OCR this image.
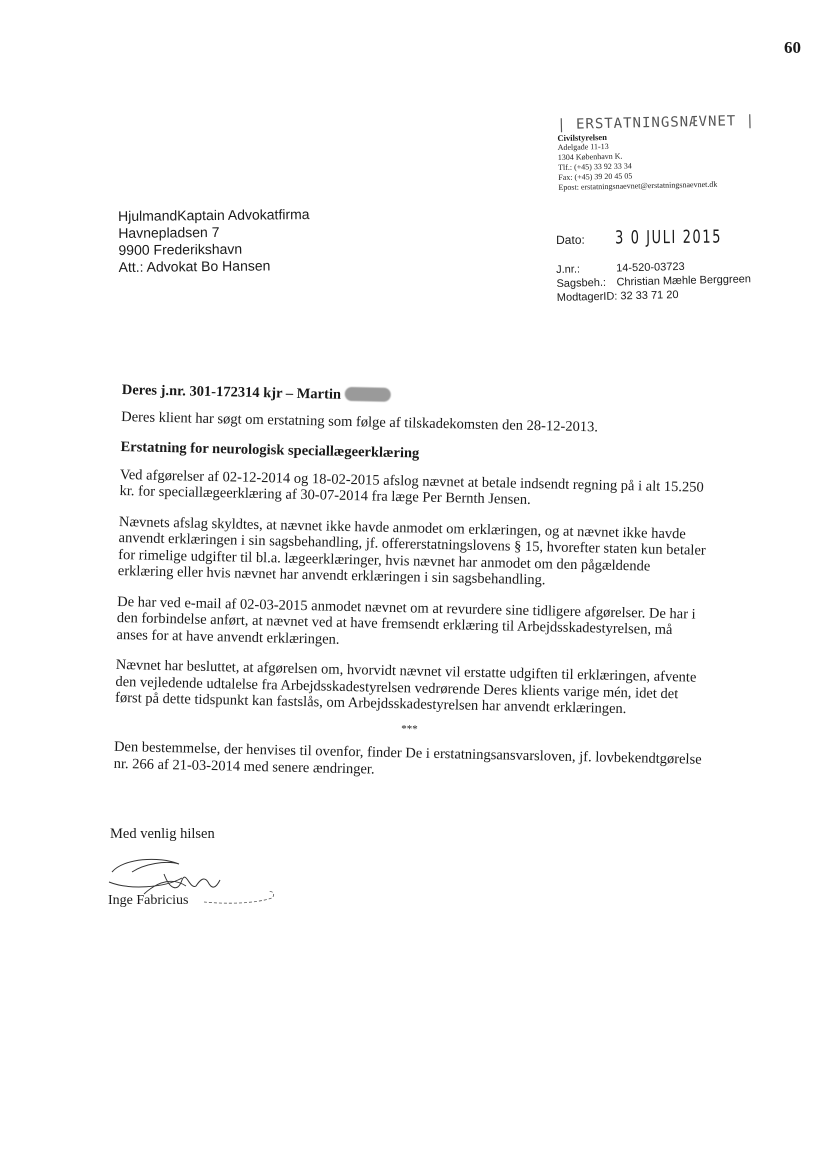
60
| ERSTATNINGSNÆVNET |
Civilstyrelsen
Adelgade 11-13
1304 København K.
Tlf.: (+45) 33 92 33 34
Fax: (+45) 39 20 45 05
Epost: erstatningsnaevnet@erstatningsnaevnet.dk
HjulmandKaptain Advokatfirma
Havnepladsen 7
9900 Frederikshavn
Att.: Advokat Bo Hansen
Dato: 3 0 JULI 2015
J.nr.:	14-520-03723
Sagsbeh.: Christian Mæhle Berggreen
ModtagerID: 32 33 71 20

Deres j.nr. 301-172314 kjr – Martin

Deres klient har søgt om erstatning som følge af tilskadekomsten den 28-12-2013.

Erstatning for neurologisk speciallægeerklæring

Ved afgørelser af 02-12-2014 og 18-02-2015 afslog nævnet at betale indsendt regning på i alt 15.250 kr. for speciallægeerklæring af 30-07-2014 fra læge Per Bernth Jensen.

Nævnets afslag skyldtes, at nævnet ikke havde anmodet om erklæringen, og at nævnet ikke havde anvendt erklæringen i sin sagsbehandling, jf. offererstatningslovens § 15, hvorefter staten kun betaler for rimelige udgifter til bl.a. lægeerklæringer, hvis nævnet har anmodet om den pågældende erklæring eller hvis nævnet har anvendt erklæringen i sin sagsbehandling.

De har ved e-mail af 02-03-2015 anmodet nævnet om at revurdere sine tidligere afgørelser. De har i den forbindelse anført, at nævnet ved at have fremsendt erklæring til Arbejdsskadestyrelsen, må anses for at have anvendt erklæringen.

Nævnet har besluttet, at afgørelsen om, hvorvidt nævnet vil erstatte udgiften til erklæringen, afvente den vejledende udtalelse fra Arbejdsskadestyrelsen vedrørende Deres klients varige mén, idet det først på dette tidspunkt kan fastslås, om Arbejdsskadestyrelsen har anvendt erklæringen.

***

Den bestemmelse, der henvises til ovenfor, finder De i erstatningsansvarsloven, jf. lovbekendtgørelse nr. 266 af 21-03-2014 med senere ændringer.

Med venlig hilsen
Inge Fabricius
